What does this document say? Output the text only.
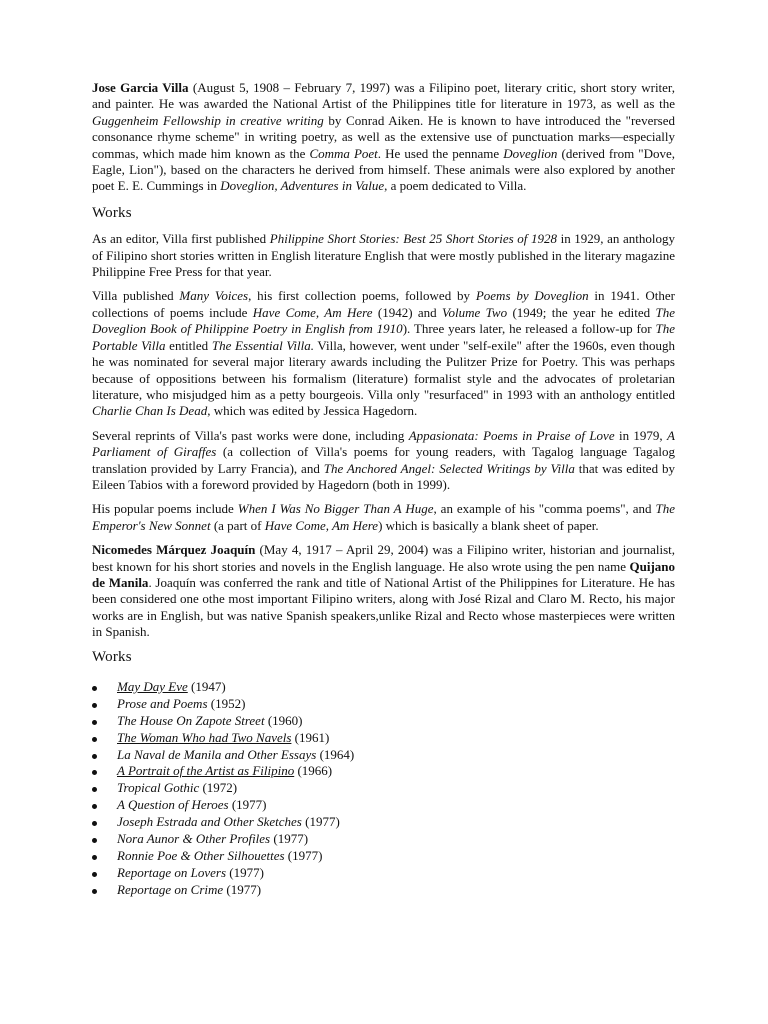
Jose Garcia Villa (August 5, 1908 – February 7, 1997) was a Filipino poet, literary critic, short story writer, and painter. He was awarded the National Artist of the Philippines title for literature in 1973, as well as the Guggenheim Fellowship in creative writing by Conrad Aiken. He is known to have introduced the "reversed consonance rhyme scheme" in writing poetry, as well as the extensive use of punctuation marks—especially commas, which made him known as the Comma Poet. He used the penname Doveglion (derived from "Dove, Eagle, Lion"), based on the characters he derived from himself. These animals were also explored by another poet E. E. Cummings in Doveglion, Adventures in Value, a poem dedicated to Villa.

Works

As an editor, Villa first published Philippine Short Stories: Best 25 Short Stories of 1928 in 1929, an anthology of Filipino short stories written in English literature English that were mostly published in the literary magazine Philippine Free Press for that year.

Villa published Many Voices, his first collection poems, followed by Poems by Doveglion in 1941. Other collections of poems include Have Come, Am Here (1942) and Volume Two (1949; the year he edited The Doveglion Book of Philippine Poetry in English from 1910). Three years later, he released a follow-up for The Portable Villa entitled The Essential Villa. Villa, however, went under "self-exile" after the 1960s, even though he was nominated for several major literary awards including the Pulitzer Prize for Poetry. This was perhaps because of oppositions between his formalism (literature) formalist style and the advocates of proletarian literature, who misjudged him as a petty bourgeois. Villa only "resurfaced" in 1993 with an anthology entitled Charlie Chan Is Dead, which was edited by Jessica Hagedorn.

Several reprints of Villa's past works were done, including Appasionata: Poems in Praise of Love in 1979, A Parliament of Giraffes (a collection of Villa's poems for young readers, with Tagalog language Tagalog translation provided by Larry Francia), and The Anchored Angel: Selected Writings by Villa that was edited by Eileen Tabios with a foreword provided by Hagedorn (both in 1999).

His popular poems include When I Was No Bigger Than A Huge, an example of his "comma poems", and The Emperor's New Sonnet (a part of Have Come, Am Here) which is basically a blank sheet of paper.

Nicomedes Márquez Joaquín (May 4, 1917 – April 29, 2004) was a Filipino writer, historian and journalist, best known for his short stories and novels in the English language. He also wrote using the pen name Quijano de Manila. Joaquín was conferred the rank and title of National Artist of the Philippines for Literature. He has been considered one othe most important Filipino writers, along with José Rizal and Claro M. Recto, his major works are in English, but was native Spanish speakers,unlike Rizal and Recto whose masterpieces were written in Spanish.

Works
May Day Eve (1947)
Prose and Poems (1952)
The House On Zapote Street (1960)
The Woman Who had Two Navels (1961)
La Naval de Manila and Other Essays (1964)
A Portrait of the Artist as Filipino (1966)
Tropical Gothic (1972)
A Question of Heroes (1977)
Joseph Estrada and Other Sketches (1977)
Nora Aunor & Other Profiles (1977)
Ronnie Poe & Other Silhouettes (1977)
Reportage on Lovers (1977)
Reportage on Crime (1977)
